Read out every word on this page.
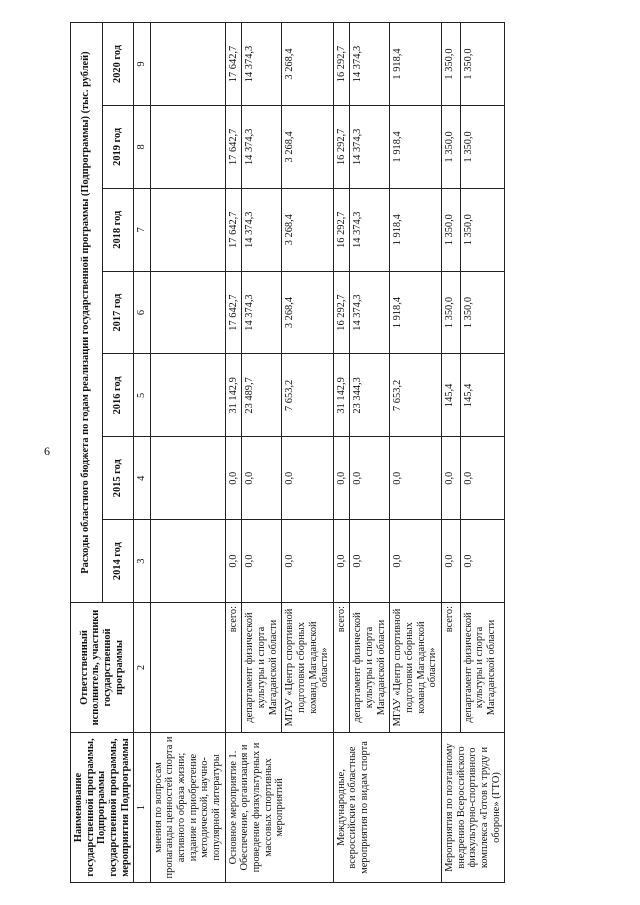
6
Наименование государственной программы, Подпрограммы государственной программы, мероприятия Подпрограммы	Ответственный исполнитель, участники государственной программы	Расходы областного бюджета по годам реализации государственной программы (Подпрограммы) (тыс. рублей)						
		2014 год	2015 год	2016 год	2017 год	2018 год	2019 год	2020 год
1	2	3	4	5	6	7	8	9
мнения по вопросам пропаганды ценностей спорта и активного образа жизни; издание и приобретение методической, научно-популярной литературы								
Основное мероприятие 1. Обеспечение, организация и проведение физкультурных и массовых спортивных мероприятий	всего:	0,0	0,0	31 142,9	17 642,7	17 642,7	17 642,7	17 642,7
	департамент физической культуры и спорта Магаданской области	0,0	0,0	23 489,7	14 374,3	14 374,3	14 374,3	14 374,3
	МГАУ «Центр спортивной подготовки сборных команд Магаданской области»	0,0	0,0	7 653,2	3 268,4	3 268,4	3 268,4	3 268,4
Международные, всероссийские и областные мероприятия по видам спорта	всего:	0,0	0,0	31 142,9	16 292,7	16 292,7	16 292,7	16 292,7
	департамент физической культуры и спорта Магаданской области	0,0	0,0	23 344,3	14 374,3	14 374,3	14 374,3	14 374,3
	МГАУ «Центр спортивной подготовки сборных команд Магаданской области»	0,0	0,0	7 653,2	1 918,4	1 918,4	1 918,4	1 918,4
Мероприятия по поэтапному внедрению Всероссийского физкультурно-спортивного комплекса «Готов к труду и обороне» (ГТО)	всего:	0,0	0,0	145,4	1 350,0	1 350,0	1 350,0	1 350,0
	департамент физической культуры и спорта Магаданской области	0,0	0,0	145,4	1 350,0	1 350,0	1 350,0	1 350,0
